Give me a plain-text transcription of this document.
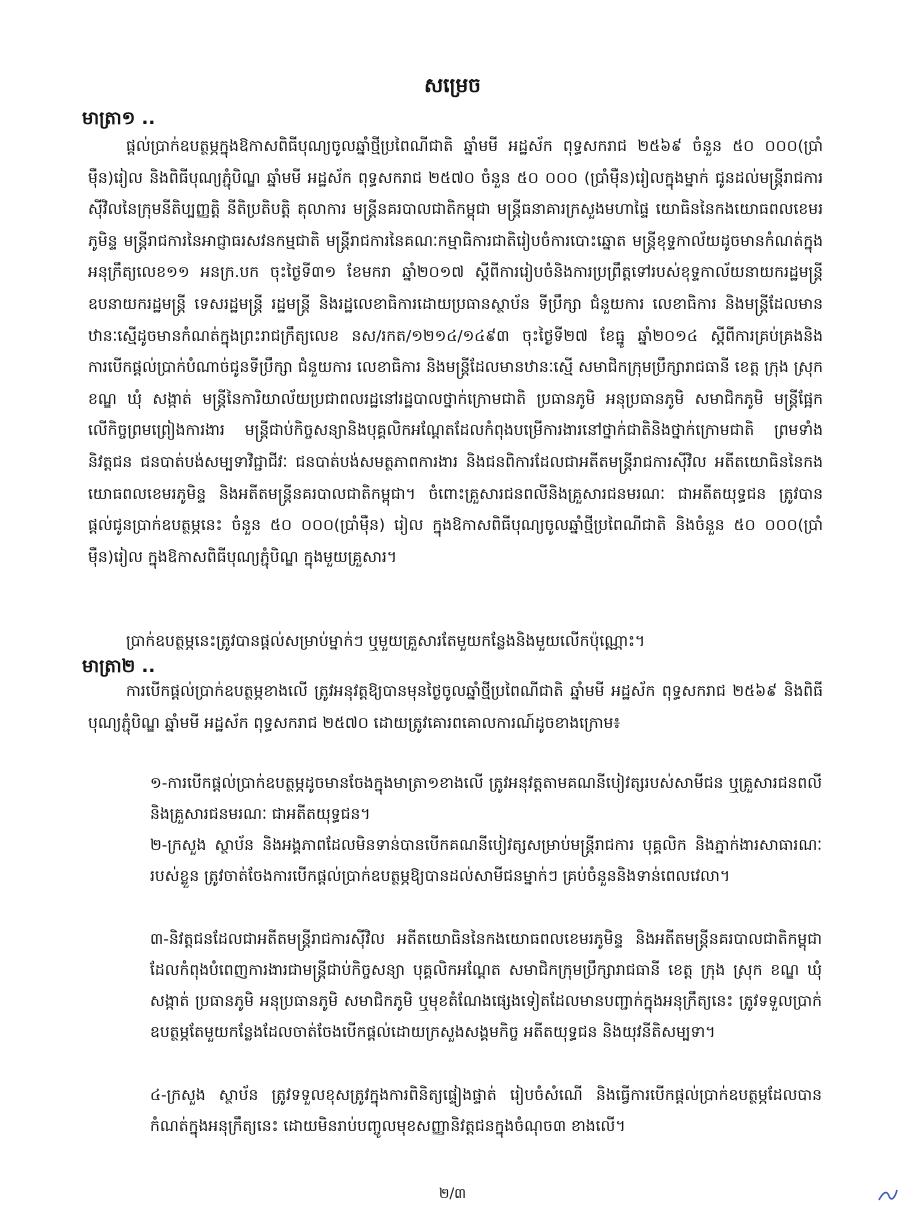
សម្រេច
មាត្រា១ ..
ផ្តល់ប្រាក់ឧបត្ថម្ភក្នុងឱកាសពិធីបុណ្យចូលឆ្នាំថ្មីប្រពៃណីជាតិ ឆ្នាំមមី អដ្ឋស័ក ពុទ្ធសករាជ ២៥៦៩ ចំនួន ៥០ ០០០(ប្រាំម៉ឺន)រៀល និងពិធីបុណ្យភ្ជុំបិណ្ឌ ឆ្នាំមមី អដ្ឋស័ក ពុទ្ធសករាជ ២៥៧០ ចំនួន ៥០ ០០០ (ប្រាំម៉ឺន)រៀលក្នុងម្នាក់ ជូនដល់មន្ត្រីរាជការស៊ីវិលនៃក្រុមនីតិប្បញ្ញត្តិ នីតិប្រតិបត្តិ តុលាការ មន្ត្រីនគរបាលជាតិកម្ពុជា មន្ត្រីធនាគារក្រសួងមហាផ្ទៃ យោធិននៃកងយោធពលខេមរភូមិន្ទ មន្ត្រីរាជការនៃអាជ្ញាធរសវនកម្មជាតិ មន្ត្រីរាជការនៃគណៈកម្មាធិការជាតិរៀបចំការបោះឆ្នោត មន្ត្រីខុទ្ទកាល័យដូចមានកំណត់ក្នុងអនុក្រឹត្យលេខ១១ អនក្រ.បក ចុះថ្ងៃទី៣១ ខែមករា ឆ្នាំ២០១៧ ស្តីពីការរៀបចំនិងការប្រព្រឹត្តទៅរបស់ខុទ្ទកាល័យនាយករដ្ឋមន្ត្រី ឧបនាយករដ្ឋមន្ត្រី ទេសរដ្ឋមន្ត្រី រដ្ឋមន្ត្រី និងរដ្ឋលេខាធិការដោយប្រធានស្ថាប័ន ទីប្រឹក្សា ជំនួយការ លេខាធិការ និងមន្ត្រីដែលមានឋានៈស្មើដូចមានកំណត់ក្នុងព្រះរាជក្រឹត្យលេខ នស/រកត/១២១៤/១៤៩៣ ចុះថ្ងៃទី២៧ ខែធ្នូ ឆ្នាំ២០១៤ ស្តីពីការគ្រប់គ្រងនិងការបើកផ្តល់ប្រាក់បំណាច់ជូនទីប្រឹក្សា ជំនួយការ លេខាធិការ និងមន្ត្រីដែលមានឋានៈស្មើ សមាជិកក្រុមប្រឹក្សារាជធានី ខេត្ត ក្រុង ស្រុក ខណ្ឌ ឃុំ សង្កាត់ មន្ត្រីនៃការិយាល័យប្រជាពលរដ្ឋនៅរដ្ឋបាលថ្នាក់ក្រោមជាតិ ប្រធានភូមិ អនុប្រធានភូមិ សមាជិកភូមិ មន្ត្រីផ្អែកលើកិច្ចព្រមព្រៀងការងារ មន្ត្រីជាប់កិច្ចសន្យានិងបុគ្គលិកអណ្តែតដែលកំពុងបម្រើការងារនៅថ្នាក់ជាតិនិងថ្នាក់ក្រោមជាតិ ព្រមទាំងនិវត្តជន ជនបាត់បង់សម្បទាវិជ្ជាជីវៈ ជនបាត់បង់សមត្ថភាពការងារ និងជនពិការដែលជាអតីតមន្ត្រីរាជការស៊ីវិល អតីតយោធិននៃកងយោធពលខេមរភូមិន្ទ និងអតីតមន្ត្រីនគរបាលជាតិកម្ពុជា។ ចំពោះគ្រួសារជនពលីនិងគ្រួសារជនមរណៈ ជាអតីតយុទ្ធជន ត្រូវបានផ្តល់ជូនប្រាក់ឧបត្ថម្ភនេះ ចំនួន ៥០ ០០០(ប្រាំម៉ឺន) រៀល ក្នុងឱកាសពិធីបុណ្យចូលឆ្នាំថ្មីប្រពៃណីជាតិ និងចំនួន ៥០ ០០០(ប្រាំម៉ឺន)រៀល ក្នុងឱកាសពិធីបុណ្យភ្ជុំបិណ្ឌ ក្នុងមួយគ្រួសារ។
ប្រាក់ឧបត្ថម្ភនេះត្រូវបានផ្តល់សម្រាប់ម្នាក់ៗ ឬមួយគ្រួសារតែមួយកន្លែងនិងមួយលើកប៉ុណ្ណោះ។
មាត្រា២ ..
ការបើកផ្តល់ប្រាក់ឧបត្ថម្ភខាងលើ ត្រូវអនុវត្តឱ្យបានមុនថ្ងៃចូលឆ្នាំថ្មីប្រពៃណីជាតិ ឆ្នាំមមី អដ្ឋស័ក ពុទ្ធសករាជ ២៥៦៩ និងពិធីបុណ្យភ្ជុំបិណ្ឌ ឆ្នាំមមី អដ្ឋស័ក ពុទ្ធសករាជ ២៥៧០ ដោយត្រូវគោរពគោលការណ៍ដូចខាងក្រោម៖
១-ការបើកផ្តល់ប្រាក់ឧបត្ថម្ភដូចមានចែងក្នុងមាត្រា១ខាងលើ ត្រូវអនុវត្តតាមគណនីបៀវត្សរបស់សាមីជន ឬគ្រួសារជនពលីនិងគ្រួសារជនមរណៈ ជាអតីតយុទ្ធជន។
២-ក្រសួង ស្ថាប័ន និងអង្គភាពដែលមិនទាន់បានបើកគណនីបៀវត្សសម្រាប់មន្ត្រីរាជការ បុគ្គលិក និងភ្នាក់ងារសាធារណៈរបស់ខ្លួន ត្រូវចាត់ចែងការបើកផ្តល់ប្រាក់ឧបត្ថម្ភឱ្យបានដល់សាមីជនម្នាក់ៗ គ្រប់ចំនួននិងទាន់ពេលវេលា។
៣-និវត្តជនដែលជាអតីតមន្ត្រីរាជការស៊ីវិល អតីតយោធិននៃកងយោធពលខេមរភូមិន្ទ និងអតីតមន្ត្រីនគរបាលជាតិកម្ពុជាដែលកំពុងបំពេញការងារជាមន្ត្រីជាប់កិច្ចសន្យា បុគ្គលិកអណ្តែត សមាជិកក្រុមប្រឹក្សារាជធានី ខេត្ត ក្រុង ស្រុក ខណ្ឌ ឃុំ សង្កាត់ ប្រធានភូមិ អនុប្រធានភូមិ សមាជិកភូមិ ឬមុខតំណែងផ្សេងទៀតដែលមានបញ្ជាក់ក្នុងអនុក្រឹត្យនេះ ត្រូវទទួលប្រាក់ឧបត្ថម្ភតែមួយកន្លែងដែលចាត់ចែងបើកផ្តល់ដោយក្រសួងសង្គមកិច្ច អតីតយុទ្ធជន និងយុវនីតិសម្បទា។
៤-ក្រសួង ស្ថាប័ន ត្រូវទទួលខុសត្រូវក្នុងការពិនិត្យផ្ទៀងផ្ទាត់ រៀបចំសំណើ និងធ្វើការបើកផ្តល់ប្រាក់ឧបត្ថម្ភដែលបានកំណត់ក្នុងអនុក្រឹត្យនេះ ដោយមិនរាប់បញ្ចូលមុខសញ្ញានិវត្តជនក្នុងចំណុច៣ ខាងលើ។
២/៣
